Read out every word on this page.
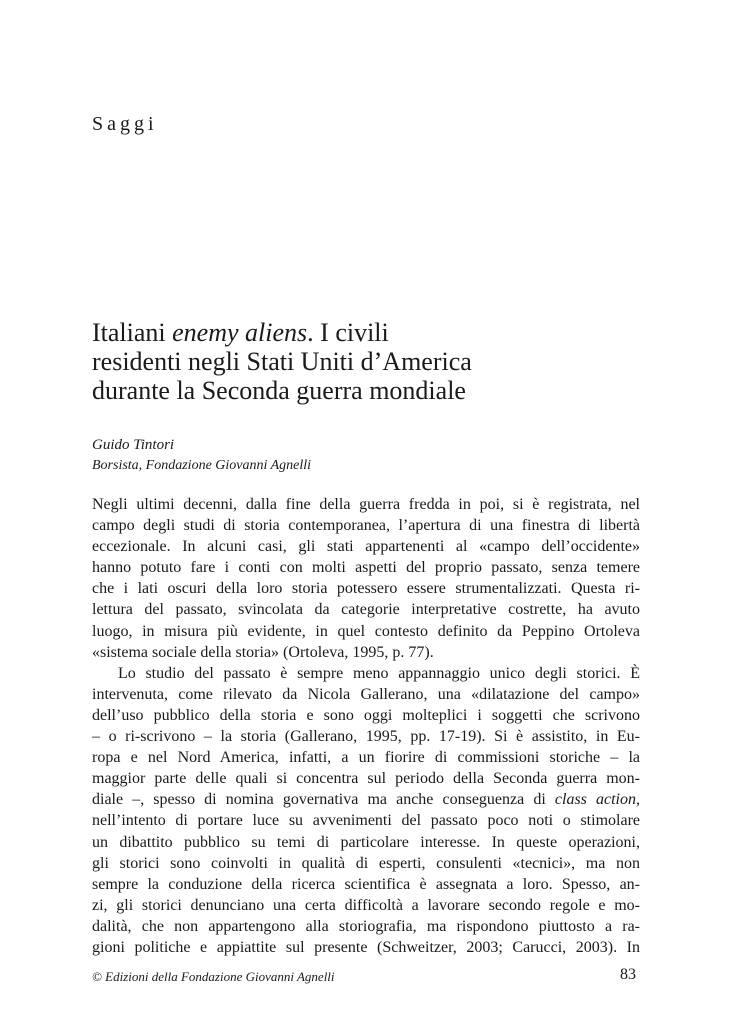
Saggi
Italiani enemy aliens. I civili
residenti negli Stati Uniti d’America
durante la Seconda guerra mondiale
Guido Tintori
Borsista, Fondazione Giovanni Agnelli
Negli ultimi decenni, dalla fine della guerra fredda in poi, si è registrata, nel
campo degli studi di storia contemporanea, l’apertura di una finestra di libertà
eccezionale. In alcuni casi, gli stati appartenenti al «campo dell’occidente»
hanno potuto fare i conti con molti aspetti del proprio passato, senza temere
che i lati oscuri della loro storia potessero essere strumentalizzati. Questa ri-
lettura del passato, svincolata da categorie interpretative costrette, ha avuto
luogo, in misura più evidente, in quel contesto definito da Peppino Ortoleva
«sistema sociale della storia» (Ortoleva, 1995, p. 77).
Lo studio del passato è sempre meno appannaggio unico degli storici. È
intervenuta, come rilevato da Nicola Gallerano, una «dilatazione del campo»
dell’uso pubblico della storia e sono oggi molteplici i soggetti che scrivono
– o ri-scrivono – la storia (Gallerano, 1995, pp. 17-19). Si è assistito, in Eu-
ropa e nel Nord America, infatti, a un fiorire di commissioni storiche – la
maggior parte delle quali si concentra sul periodo della Seconda guerra mon-
diale –, spesso di nomina governativa ma anche conseguenza di class action,
nell’intento di portare luce su avvenimenti del passato poco noti o stimolare
un dibattito pubblico su temi di particolare interesse. In queste operazioni,
gli storici sono coinvolti in qualità di esperti, consulenti «tecnici», ma non
sempre la conduzione della ricerca scientifica è assegnata a loro. Spesso, an-
zi, gli storici denunciano una certa difficoltà a lavorare secondo regole e mo-
dalità, che non appartengono alla storiografia, ma rispondono piuttosto a ra-
gioni politiche e appiattite sul presente (Schweitzer, 2003; Carucci, 2003). In
© Edizioni della Fondazione Giovanni Agnelli	83
